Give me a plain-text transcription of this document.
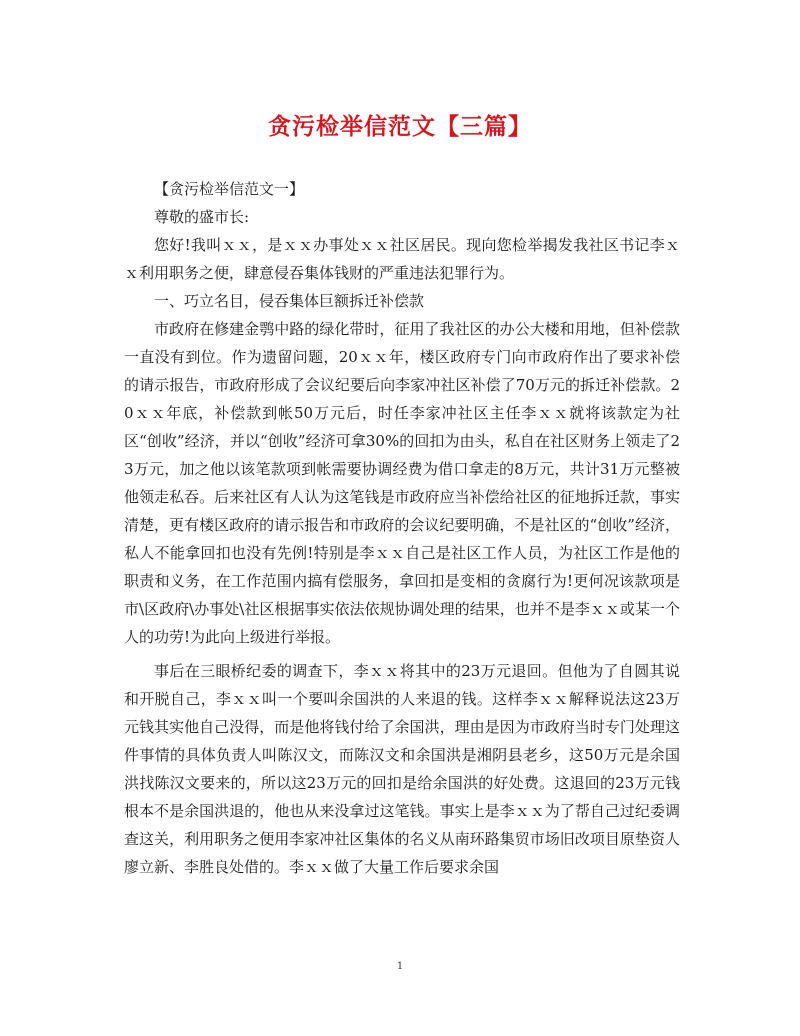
贪污检举信范文【三篇】

【贪污检举信范文一】

尊敬的盛市长:

您好!我叫ｘｘ，是ｘｘ办事处ｘｘ社区居民。现向您检举揭发我社区书记李ｘｘ利用职务之便，肆意侵吞集体钱财的严重违法犯罪行为。

一、巧立名目，侵吞集体巨额拆迁补偿款

市政府在修建金鹗中路的绿化带时，征用了我社区的办公大楼和用地，但补偿款一直没有到位。作为遗留问题，20ｘｘ年，楼区政府专门向市政府作出了要求补偿的请示报告，市政府形成了会议纪要后向李家冲社区补偿了70万元的拆迁补偿款。20ｘｘ年底，补偿款到帐50万元后，时任李家冲社区主任李ｘｘ就将该款定为社区“创收”经济，并以“创收”经济可拿30%的回扣为由头，私自在社区财务上领走了23万元，加之他以该笔款项到帐需要协调经费为借口拿走的8万元，共计31万元整被他领走私吞。后来社区有人认为这笔钱是市政府应当补偿给社区的征地拆迁款，事实清楚，更有楼区政府的请示报告和市政府的会议纪要明确，不是社区的“创收”经济，私人不能拿回扣也没有先例!特别是李ｘｘ自己是社区工作人员，为社区工作是他的职责和义务，在工作范围内搞有偿服务，拿回扣是变相的贪腐行为!更何况该款项是市\区政府\办事处\社区根据事实依法依规协调处理的结果，也并不是李ｘｘ或某一个人的功劳!为此向上级进行举报。

事后在三眼桥纪委的调查下，李ｘｘ将其中的23万元退回。但他为了自圆其说和开脱自己，李ｘｘ叫一个要叫余国洪的人来退的钱。这样李ｘｘ解释说法这23万元钱其实他自己没得，而是他将钱付给了余国洪，理由是因为市政府当时专门处理这件事情的具体负责人叫陈汉文，而陈汉文和余国洪是湘阴县老乡，这50万元是余国洪找陈汉文要来的，所以这23万元的回扣是给余国洪的好处费。这退回的23万元钱根本不是余国洪退的，他也从来没拿过这笔钱。事实上是李ｘｘ为了帮自己过纪委调查这关，利用职务之便用李家冲社区集体的名义从南环路集贸市场旧改项目原垫资人廖立新、李胜良处借的。李ｘｘ做了大量工作后要求余国

1
